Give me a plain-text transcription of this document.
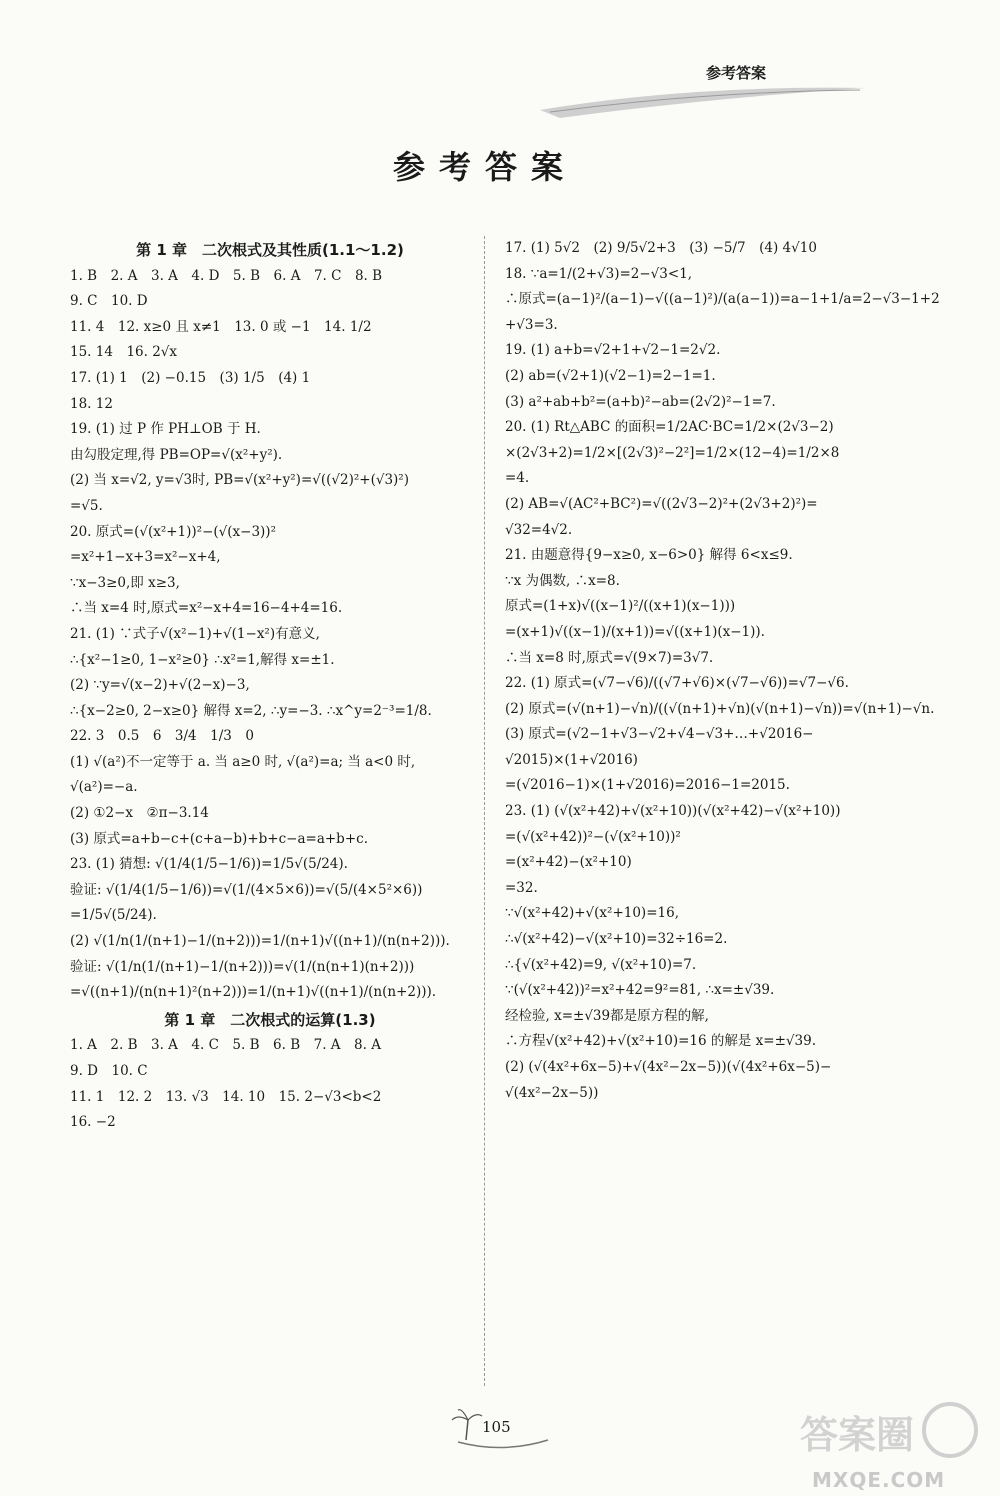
参考答案
参考答案
第 1 章　二次根式及其性质(1.1～1.2)
1. B　2. A　3. A　4. D　5. B　6. A　7. C　8. B
9. C　10. D
11. 4　12. x≥0 且 x≠1　13. 0 或 −1　14. 1/2
15. 14　16. 2√x
17. (1) 1　(2) −0.15　(3) 1/5　(4) 1
18. 12
19. (1) 过 P 作 PH⊥OB 于 H.
由勾股定理,得 PB=OP=√(x²+y²).
(2) 当 x=√2, y=√3时, PB=√(x²+y²)=√((√2)²+(√3)²)
=√5.
20. 原式=(√(x²+1))²−(√(x−3))²
=x²+1−x+3=x²−x+4,
∵x−3≥0,即 x≥3,
∴当 x=4 时,原式=x²−x+4=16−4+4=16.
21. (1) ∵式子√(x²−1)+√(1−x²)有意义,
∴{x²−1≥0, 1−x²≥0} ∴x²=1,解得 x=±1.
(2) ∵y=√(x−2)+√(2−x)−3,
∴{x−2≥0, 2−x≥0} 解得 x=2, ∴y=−3. ∴x^y=2⁻³=1/8.
22. 3　0.5　6　3/4　1/3　0
(1) √(a²)不一定等于 a. 当 a≥0 时, √(a²)=a; 当 a<0 时,
√(a²)=−a.
(2) ①2−x　②π−3.14
(3) 原式=a+b−c+(c+a−b)+b+c−a=a+b+c.
23. (1) 猜想: √(1/4(1/5−1/6))=1/5√(5/24).
验证: √(1/4(1/5−1/6))=√(1/(4×5×6))=√(5/(4×5²×6))
=1/5√(5/24).
(2) √(1/n(1/(n+1)−1/(n+2)))=1/(n+1)√((n+1)/(n(n+2))).
验证: √(1/n(1/(n+1)−1/(n+2)))=√(1/(n(n+1)(n+2)))
=√((n+1)/(n(n+1)²(n+2)))=1/(n+1)√((n+1)/(n(n+2))).
第 1 章　二次根式的运算(1.3)
1. A　2. B　3. A　4. C　5. B　6. B　7. A　8. A
9. D　10. C
11. 1　12. 2　13. √3　14. 10　15. 2−√3<b<2
16. −2
17. (1) 5√2　(2) 9/5√2+3　(3) −5/7　(4) 4√10
18. ∵a=1/(2+√3)=2−√3<1,
∴原式=(a−1)²/(a−1)−√((a−1)²)/(a(a−1))=a−1+1/a=2−√3−1+2
+√3=3.
19. (1) a+b=√2+1+√2−1=2√2.
(2) ab=(√2+1)(√2−1)=2−1=1.
(3) a²+ab+b²=(a+b)²−ab=(2√2)²−1=7.
20. (1) Rt△ABC 的面积=1/2AC·BC=1/2×(2√3−2)
×(2√3+2)=1/2×[(2√3)²−2²]=1/2×(12−4)=1/2×8
=4.
(2) AB=√(AC²+BC²)=√((2√3−2)²+(2√3+2)²)=
√32=4√2.
21. 由题意得{9−x≥0, x−6>0} 解得 6<x≤9.
∵x 为偶数, ∴x=8.
原式=(1+x)√((x−1)²/((x+1)(x−1)))
=(x+1)√((x−1)/(x+1))=√((x+1)(x−1)).
∴当 x=8 时,原式=√(9×7)=3√7.
22. (1) 原式=(√7−√6)/((√7+√6)×(√7−√6))=√7−√6.
(2) 原式=(√(n+1)−√n)/((√(n+1)+√n)(√(n+1)−√n))=√(n+1)−√n.
(3) 原式=(√2−1+√3−√2+√4−√3+…+√2016−
√2015)×(1+√2016)
=(√2016−1)×(1+√2016)=2016−1=2015.
23. (1) (√(x²+42)+√(x²+10))(√(x²+42)−√(x²+10))
=(√(x²+42))²−(√(x²+10))²
=(x²+42)−(x²+10)
=32.
∵√(x²+42)+√(x²+10)=16,
∴√(x²+42)−√(x²+10)=32÷16=2.
∴{√(x²+42)=9, √(x²+10)=7.
∵(√(x²+42))²=x²+42=9²=81, ∴x=±√39.
经检验, x=±√39都是原方程的解,
∴方程√(x²+42)+√(x²+10)=16 的解是 x=±√39.
(2) (√(4x²+6x−5)+√(4x²−2x−5))(√(4x²+6x−5)−
√(4x²−2x−5))
105	答案圈
MXQE.COM
